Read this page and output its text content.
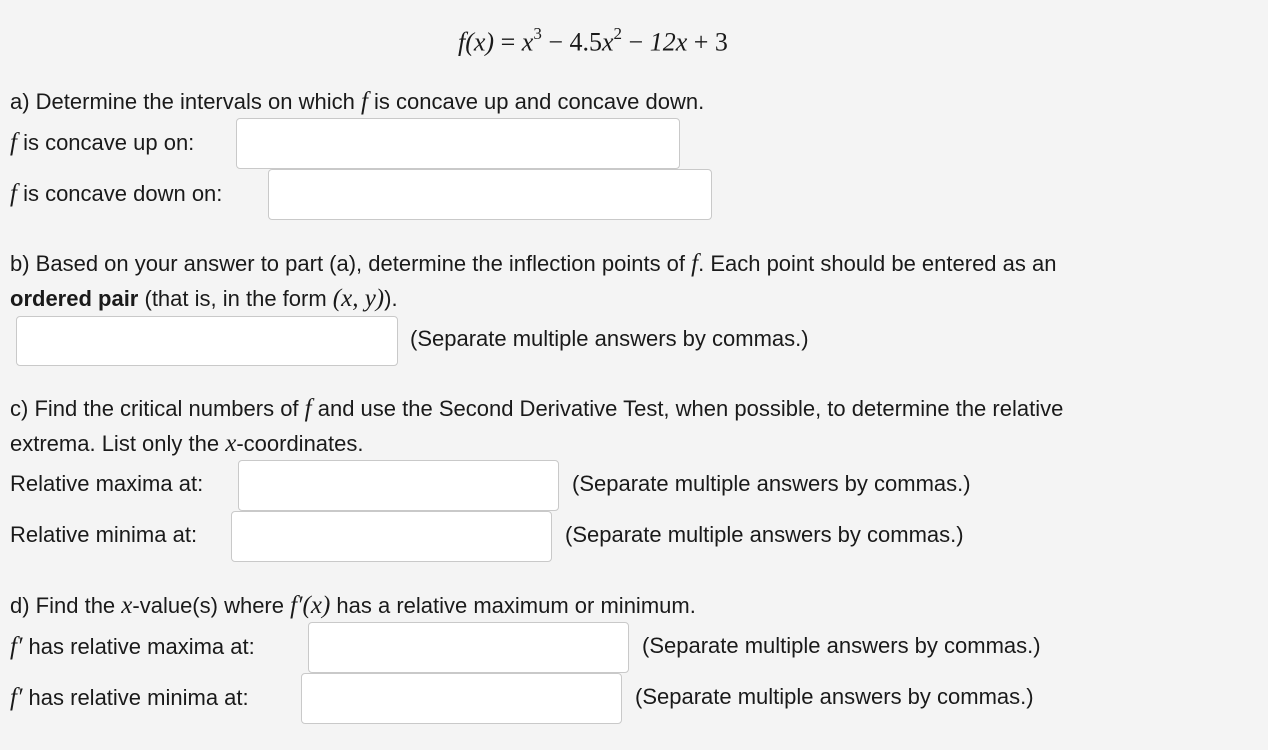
$f(x) = x^3 - 4.5x^2 - 12x + 3$
a) Determine the intervals on which f is concave up and concave down.
f is concave up on:
f is concave down on:
b) Based on your answer to part (a), determine the inflection points of f. Each point should be entered as an
ordered pair (that is, in the form (x, y)).
(Separate multiple answers by commas.)
c) Find the critical numbers of f and use the Second Derivative Test, when possible, to determine the relative
extrema. List only the x-coordinates.
Relative maxima at:	(Separate multiple answers by commas.)
Relative minima at:	(Separate multiple answers by commas.)
d) Find the x-value(s) where f′(x) has a relative maximum or minimum.
f′ has relative maxima at:	(Separate multiple answers by commas.)
f′ has relative minima at:	(Separate multiple answers by commas.)
